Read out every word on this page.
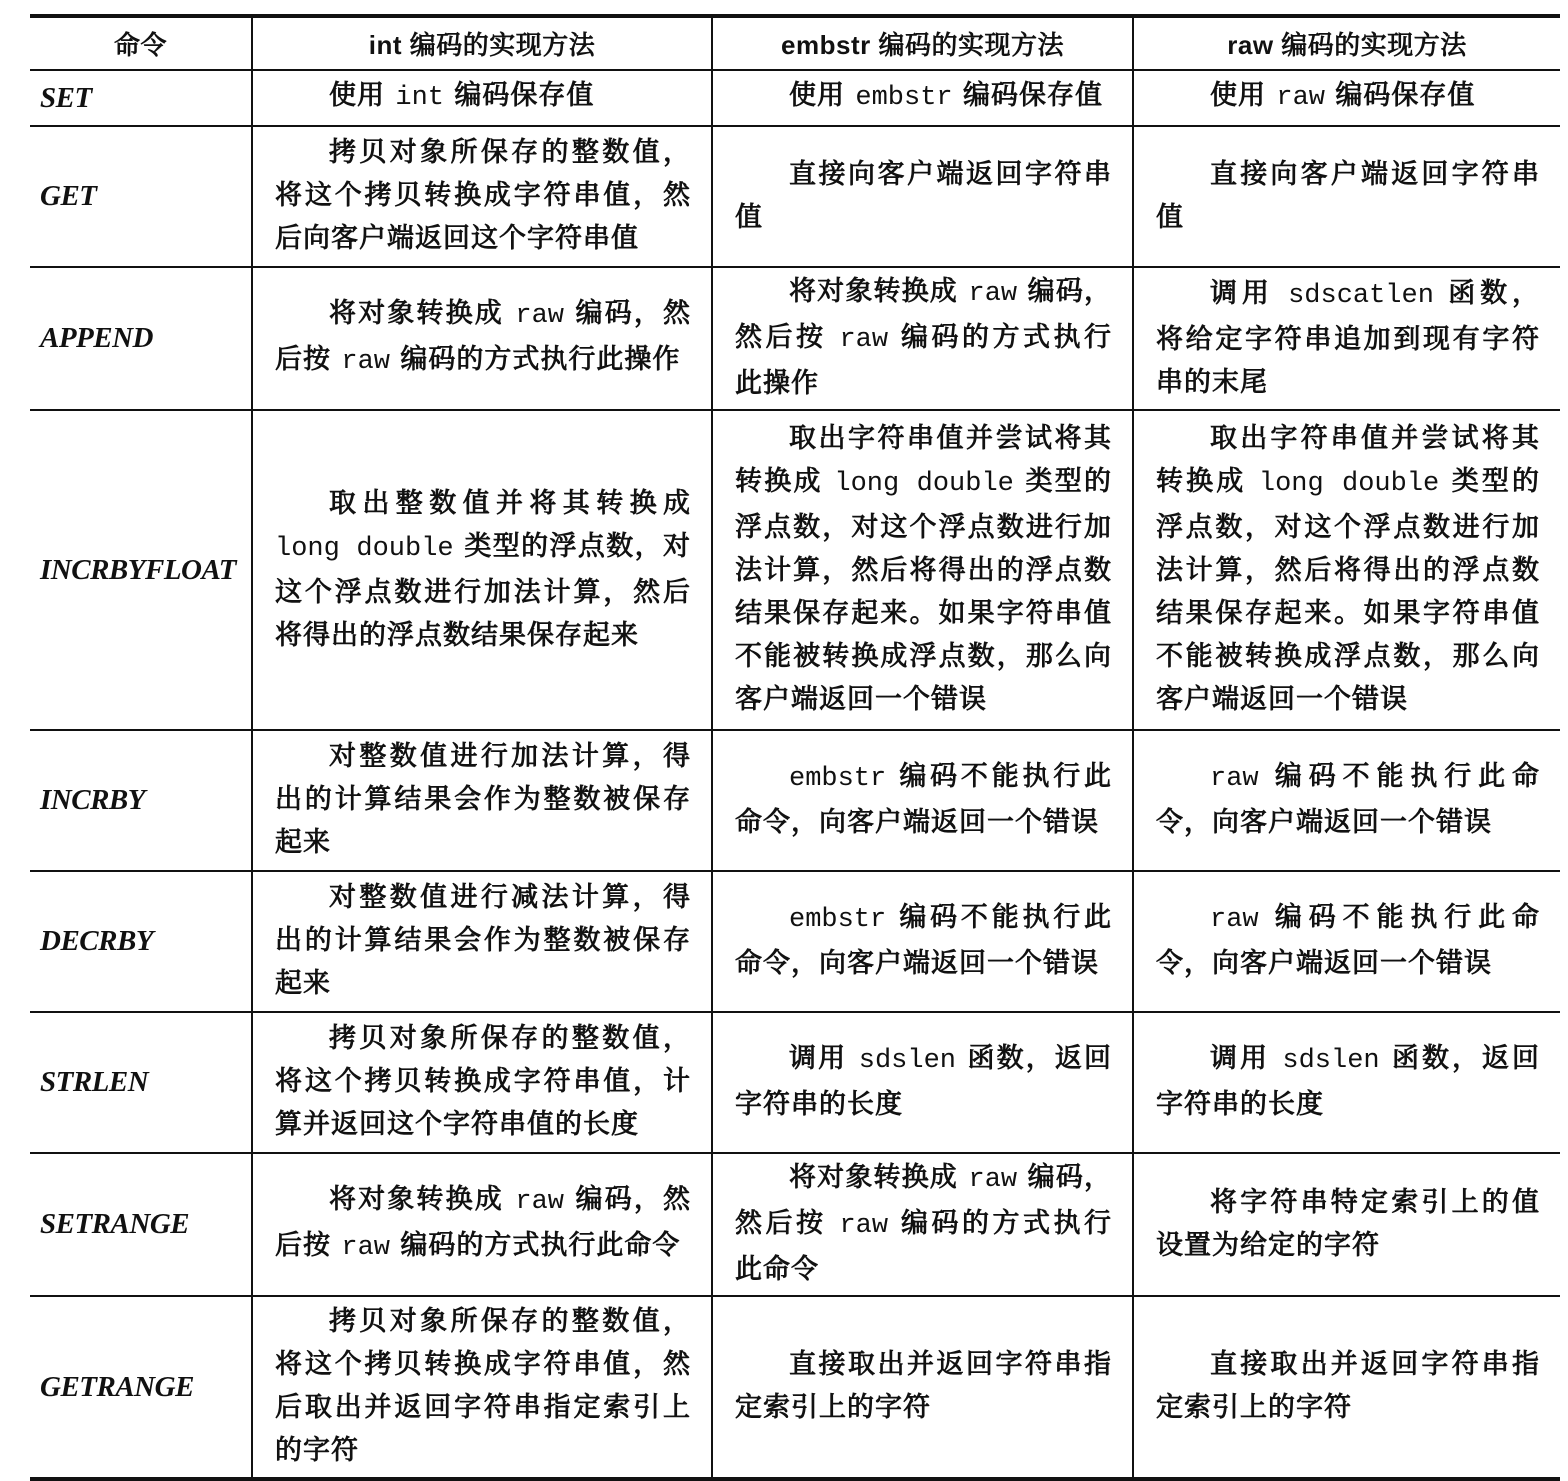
命令	int 编码的实现方法	embstr 编码的实现方法	raw 编码的实现方法
SET	使用 int 编码保存值	使用 embstr 编码保存值	使用 raw 编码保存值
GET	拷贝对象所保存的整数值，将这个拷贝转换成字符串值，然后向客户端返回这个字符串值	直接向客户端返回字符串值	直接向客户端返回字符串值
APPEND	将对象转换成 raw 编码，然后按 raw 编码的方式执行此操作	将对象转换成 raw 编码，然后按 raw 编码的方式执行此操作	调用 sdscatlen 函数，将给定字符串追加到现有字符串的末尾
INCRBYFLOAT	取出整数值并将其转换成 long double 类型的浮点数，对这个浮点数进行加法计算，然后将得出的浮点数结果保存起来	取出字符串值并尝试将其转换成 long double 类型的浮点数，对这个浮点数进行加法计算，然后将得出的浮点数结果保存起来。如果字符串值不能被转换成浮点数，那么向客户端返回一个错误	取出字符串值并尝试将其转换成 long double 类型的浮点数，对这个浮点数进行加法计算，然后将得出的浮点数结果保存起来。如果字符串值不能被转换成浮点数，那么向客户端返回一个错误
INCRBY	对整数值进行加法计算，得出的计算结果会作为整数被保存起来	embstr 编码不能执行此命令，向客户端返回一个错误	raw 编码不能执行此命令，向客户端返回一个错误
DECRBY	对整数值进行减法计算，得出的计算结果会作为整数被保存起来	embstr 编码不能执行此命令，向客户端返回一个错误	raw 编码不能执行此命令，向客户端返回一个错误
STRLEN	拷贝对象所保存的整数值，将这个拷贝转换成字符串值，计算并返回这个字符串值的长度	调用 sdslen 函数，返回字符串的长度	调用 sdslen 函数，返回字符串的长度
SETRANGE	将对象转换成 raw 编码，然后按 raw 编码的方式执行此命令	将对象转换成 raw 编码，然后按 raw 编码的方式执行此命令	将字符串特定索引上的值设置为给定的字符
GETRANGE	拷贝对象所保存的整数值，将这个拷贝转换成字符串值，然后取出并返回字符串指定索引上的字符	直接取出并返回字符串指定索引上的字符	直接取出并返回字符串指定索引上的字符
